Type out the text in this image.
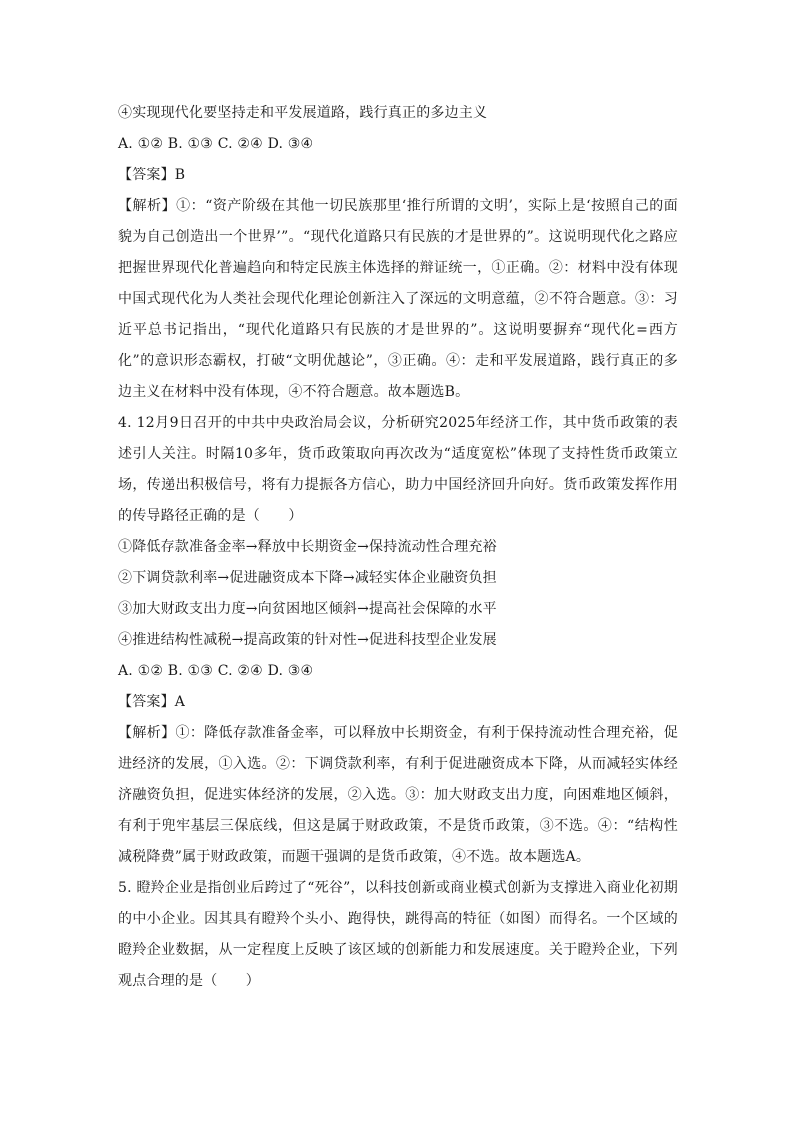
④实现现代化要坚持走和平发展道路，践行真正的多边主义
A. ①② B. ①③ C. ②④ D. ③④
【答案】B
【解析】①：“资产阶级在其他一切民族那里‘推行所谓的文明’，实际上是‘按照自己的面貌为自己创造出一个世界’”。“现代化道路只有民族的才是世界的”。这说明现代化之路应把握世界现代化普遍趋向和特定民族主体选择的辩证统一，①正确。②：材料中没有体现中国式现代化为人类社会现代化理论创新注入了深远的文明意蕴，②不符合题意。③：习近平总书记指出，“现代化道路只有民族的才是世界的”。这说明要摒弃“现代化=西方化”的意识形态霸权，打破“文明优越论”，③正确。④：走和平发展道路，践行真正的多边主义在材料中没有体现，④不符合题意。故本题选B。
4. 12月9日召开的中共中央政治局会议，分析研究2025年经济工作，其中货币政策的表述引人关注。时隔10多年，货币政策取向再次改为“适度宽松”体现了支持性货币政策立场，传递出积极信号，将有力提振各方信心，助力中国经济回升向好。货币政策发挥作用的传导路径正确的是（　　）
①降低存款准备金率→释放中长期资金→保持流动性合理充裕
②下调贷款利率→促进融资成本下降→减轻实体企业融资负担
③加大财政支出力度→向贫困地区倾斜→提高社会保障的水平
④推进结构性减税→提高政策的针对性→促进科技型企业发展
A. ①② B. ①③ C. ②④ D. ③④
【答案】A
【解析】①：降低存款准备金率，可以释放中长期资金，有利于保持流动性合理充裕，促进经济的发展，①入选。②：下调贷款利率，有利于促进融资成本下降，从而减轻实体经济融资负担，促进实体经济的发展，②入选。③：加大财政支出力度，向困难地区倾斜，有利于兜牢基层三保底线，但这是属于财政政策，不是货币政策，③不选。④：“结构性减税降费”属于财政政策，而题干强调的是货币政策，④不选。故本题选A。
5. 瞪羚企业是指创业后跨过了“死谷”，以科技创新或商业模式创新为支撑进入商业化初期的中小企业。因其具有瞪羚个头小、跑得快，跳得高的特征（如图）而得名。一个区域的瞪羚企业数据，从一定程度上反映了该区域的创新能力和发展速度。关于瞪羚企业，下列观点合理的是（　　）
